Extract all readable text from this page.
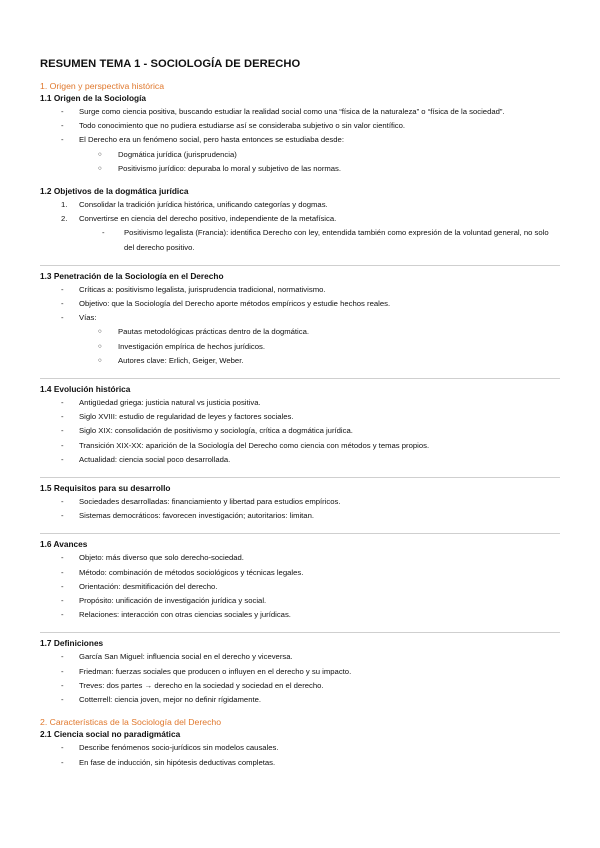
RESUMEN TEMA 1 - SOCIOLOGÍA DE DERECHO
1. Origen y perspectiva histórica
1.1 Origen de la Sociología
- Surge como ciencia positiva, buscando estudiar la realidad social como una “física de la naturaleza” o “física de la sociedad”.
- Todo conocimiento que no pudiera estudiarse así se consideraba subjetivo o sin valor científico.
- El Derecho era un fenómeno social, pero hasta entonces se estudiaba desde:
○ Dogmática jurídica (jurisprudencia)
○ Positivismo jurídico: depuraba lo moral y subjetivo de las normas.
1.2 Objetivos de la dogmática jurídica
1. Consolidar la tradición jurídica histórica, unificando categorías y dogmas.
2. Convertirse en ciencia del derecho positivo, independiente de la metafísica.
-	Positivismo legalista (Francia): identifica Derecho con ley, entendida también como expresión de la voluntad general, no solo del derecho positivo.
1.3 Penetración de la Sociología en el Derecho
- Críticas a: positivismo legalista, jurisprudencia tradicional, normativismo.
- Objetivo: que la Sociología del Derecho aporte métodos empíricos y estudie hechos reales.
- Vías:
○ Pautas metodológicas prácticas dentro de la dogmática.
○ Investigación empírica de hechos jurídicos.
○ Autores clave: Erlich, Geiger, Weber.
1.4 Evolución histórica
- Antigüedad griega: justicia natural vs justicia positiva.
- Siglo XVIII: estudio de regularidad de leyes y factores sociales.
- Siglo XIX: consolidación de positivismo y sociología, crítica a dogmática jurídica.
- Transición XIX-XX: aparición de la Sociología del Derecho como ciencia con métodos y temas propios.
- Actualidad: ciencia social poco desarrollada.
1.5 Requisitos para su desarrollo
- Sociedades desarrolladas: financiamiento y libertad para estudios empíricos.
- Sistemas democráticos: favorecen investigación; autoritarios: limitan.
1.6 Avances
- Objeto: más diverso que solo derecho-sociedad.
- Método: combinación de métodos sociológicos y técnicas legales.
- Orientación: desmitificación del derecho.
- Propósito: unificación de investigación jurídica y social.
- Relaciones: interacción con otras ciencias sociales y jurídicas.
1.7 Definiciones
- García San Miguel: influencia social en el derecho y viceversa.
- Friedman: fuerzas sociales que producen o influyen en el derecho y su impacto.
- Treves: dos partes → derecho en la sociedad y sociedad en el derecho.
- Cotterrell: ciencia joven, mejor no definir rígidamente.
2. Características de la Sociología del Derecho
2.1 Ciencia social no paradigmática
- Describe fenómenos socio-jurídicos sin modelos causales.
- En fase de inducción, sin hipótesis deductivas completas.
